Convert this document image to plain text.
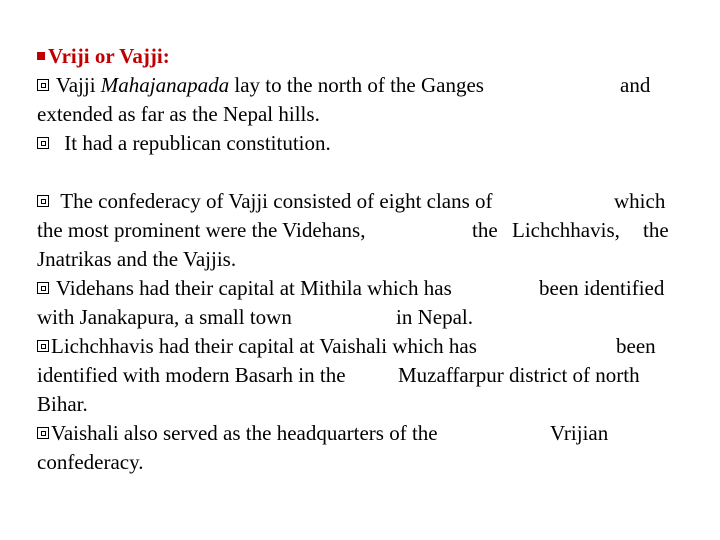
Vriji or Vajji:
Vajji Mahajanapada lay to the north of the Ganges	and
extended as far as the Nepal hills.
It had a republican constitution.
The confederacy of Vajji consisted of eight clans of	which
the most prominent were the Videhans,	the Lichchhavis, the
Jnatrikas and the Vajjis.
Videhans had their capital at Mithila which has	been identified
with Janakapura, a small town	in Nepal.
Lichchhavis had their capital at Vaishali which has	been
identified with modern Basarh in the Muzaffarpur district of north
Bihar.
Vaishali also served as the headquarters of the	Vrijian
confederacy.
